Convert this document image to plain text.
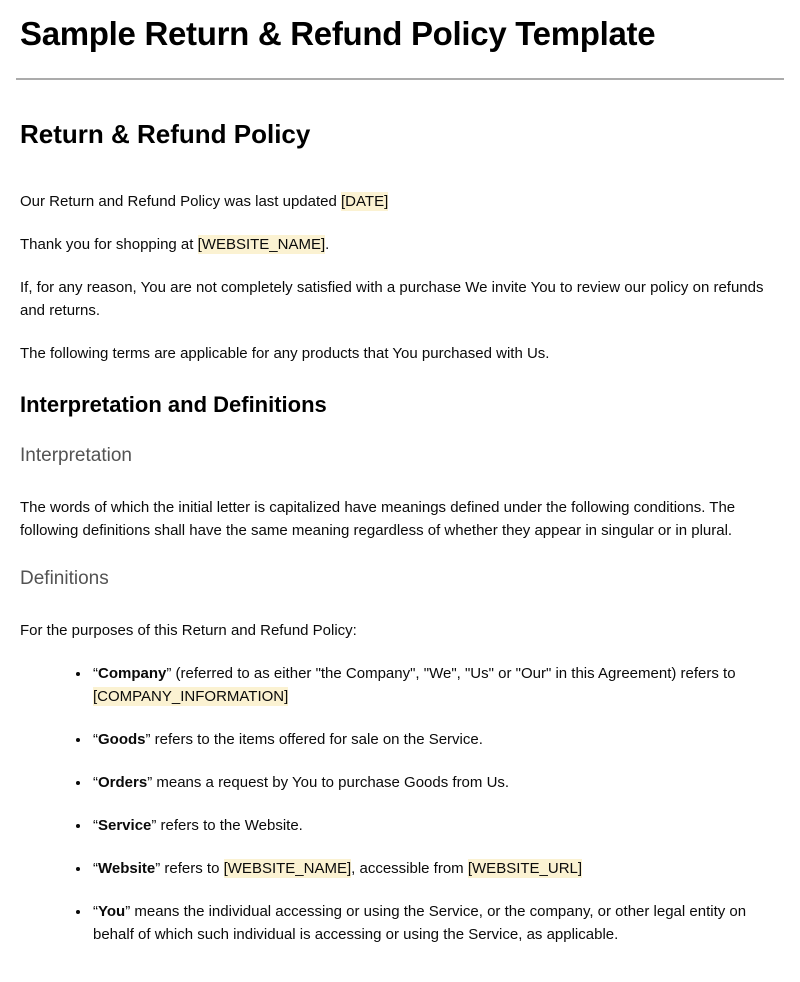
Sample Return & Refund Policy Template
Return & Refund Policy

Our Return and Refund Policy was last updated [DATE]

Thank you for shopping at [WEBSITE_NAME].

If, for any reason, You are not completely satisfied with a purchase We invite You to review our policy on refunds and returns.

The following terms are applicable for any products that You purchased with Us.

Interpretation and Definitions
Interpretation

The words of which the initial letter is capitalized have meanings defined under the following conditions. The following definitions shall have the same meaning regardless of whether they appear in singular or in plural.

Definitions

For the purposes of this Return and Refund Policy:

• “Company” (referred to as either "the Company", "We", "Us" or "Our" in this Agreement) refers to [COMPANY_INFORMATION]
• “Goods” refers to the items offered for sale on the Service.
• “Orders” means a request by You to purchase Goods from Us.
• “Service” refers to the Website.
• “Website” refers to [WEBSITE_NAME], accessible from [WEBSITE_URL]
• “You” means the individual accessing or using the Service, or the company, or other legal entity on behalf of which such individual is accessing or using the Service, as applicable.
